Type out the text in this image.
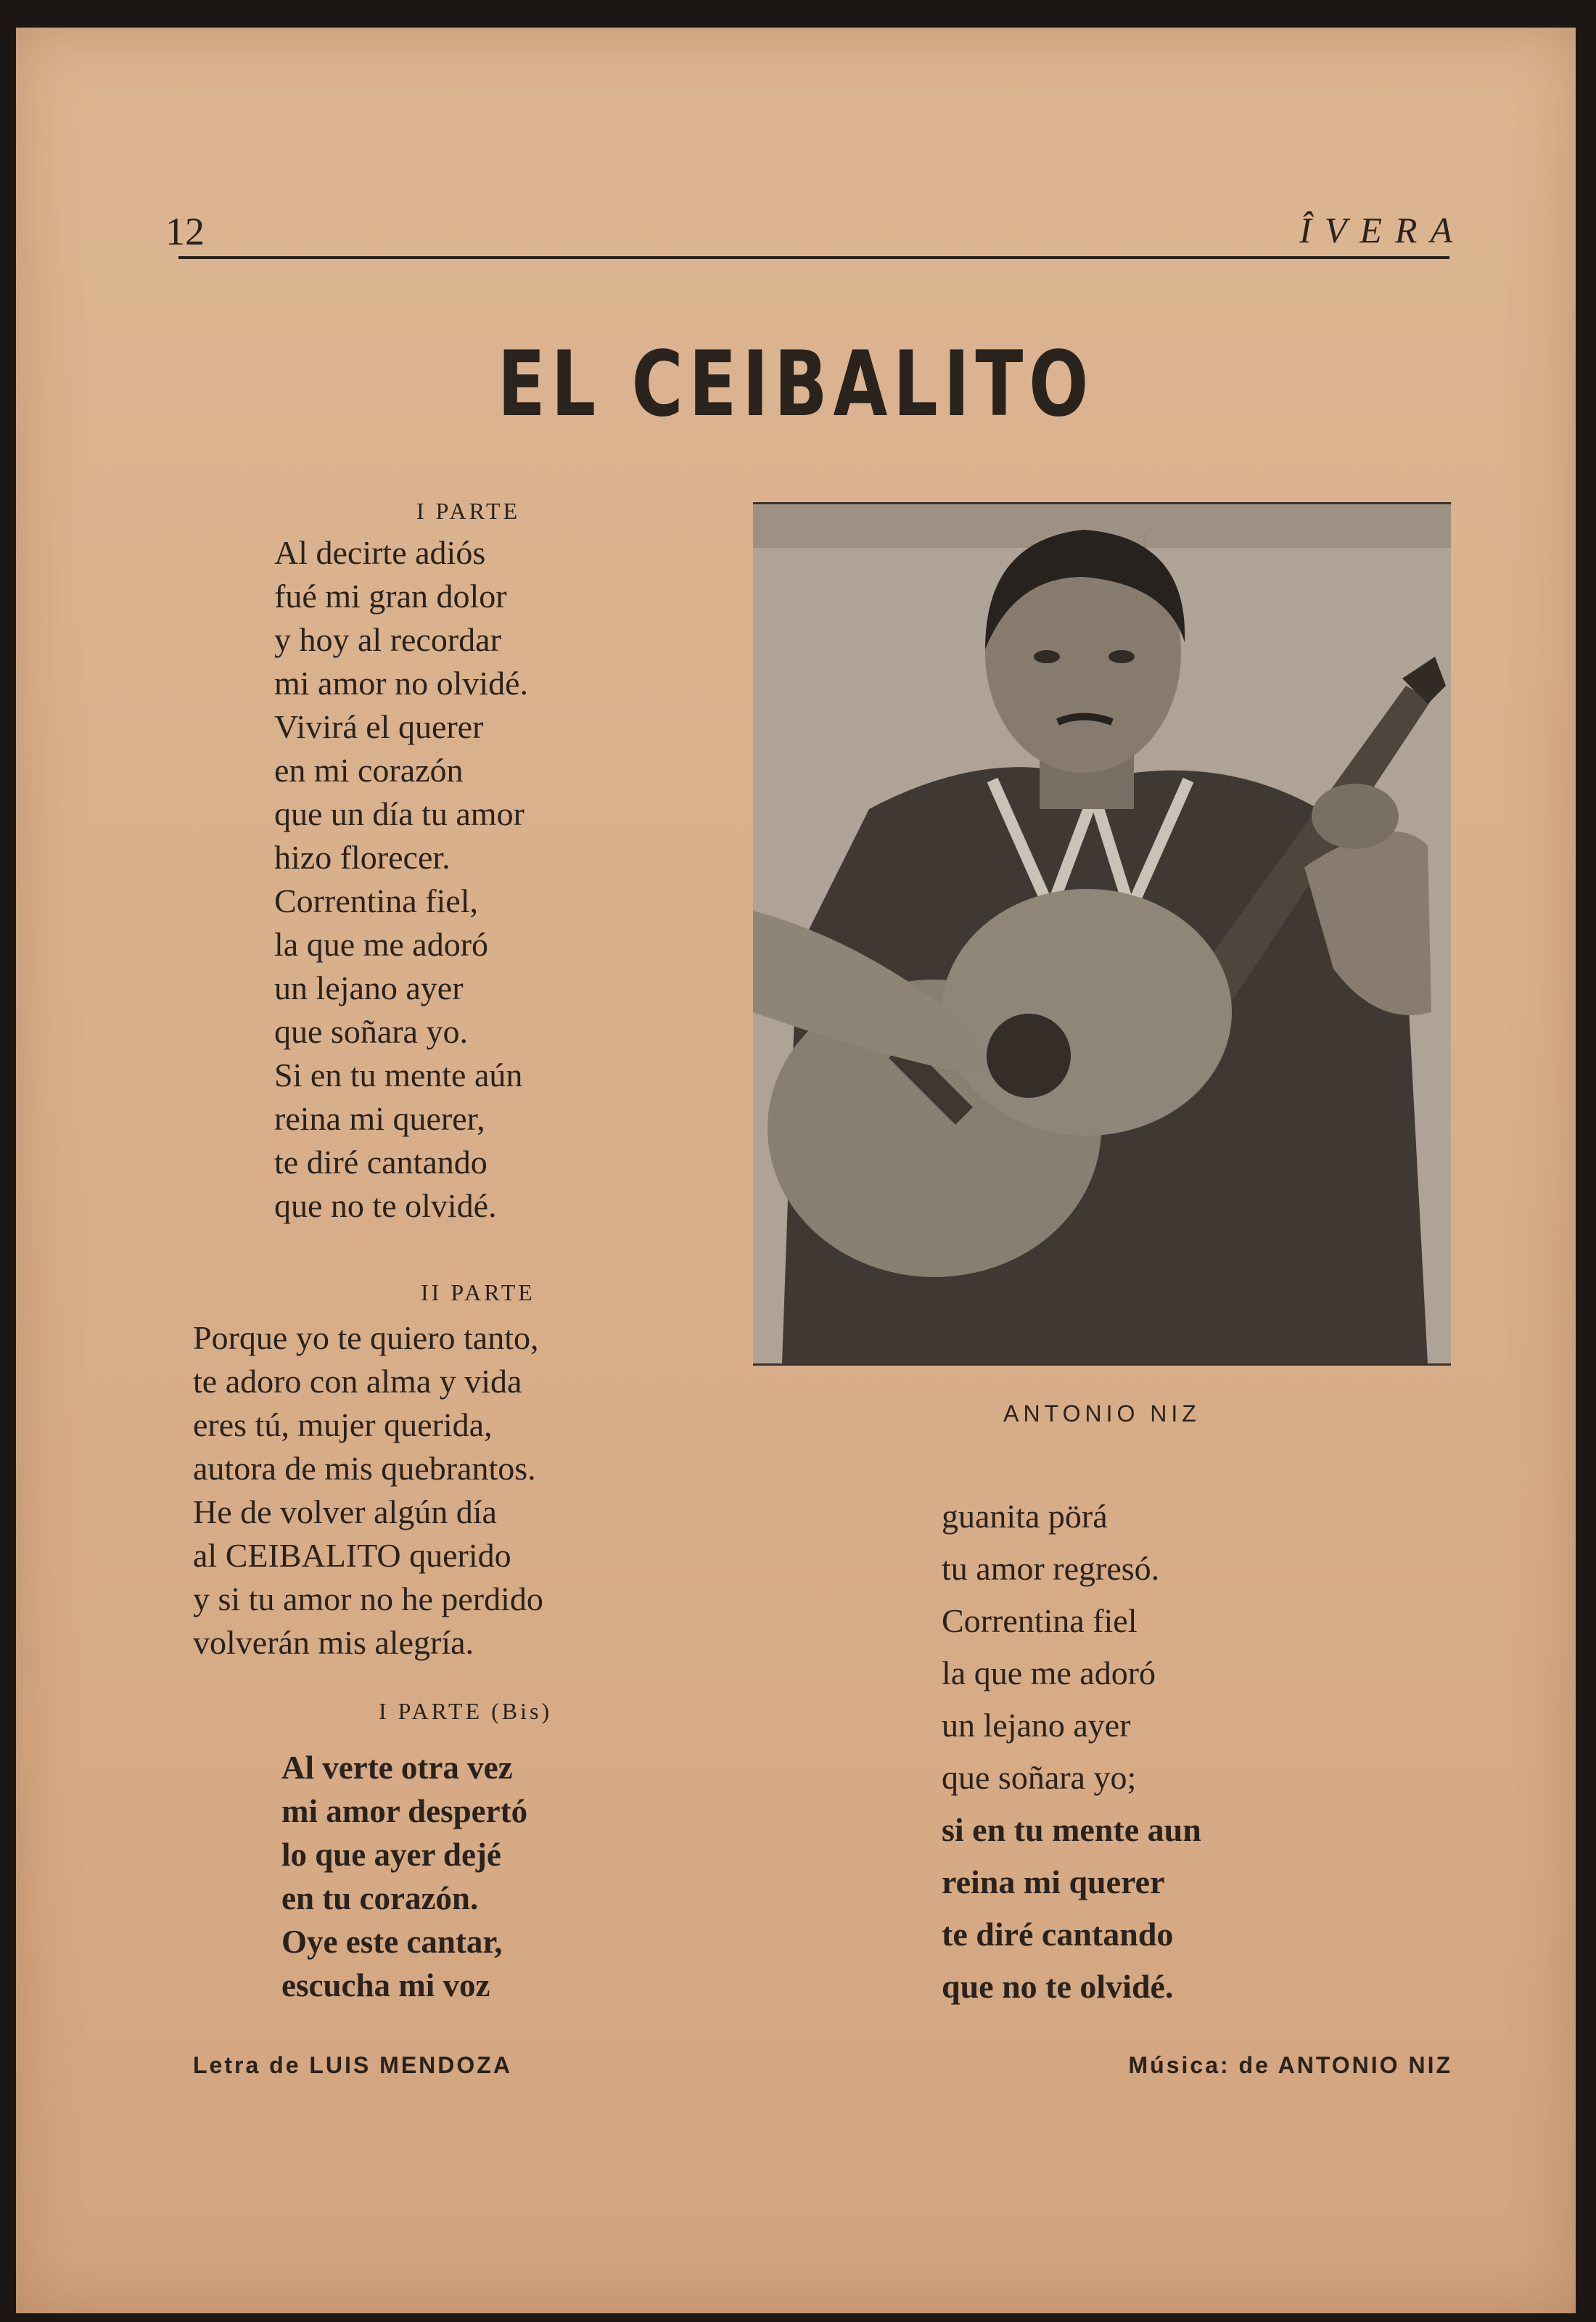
12	ÎVERA
EL CEIBALITO
I PARTE
Al decirte adiós
fué mi gran dolor
y hoy al recordar
mi amor no olvidé.
Vivirá el querer
en mi corazón
que un día tu amor
hizo florecer.
Correntina fiel,
la que me adoró
un lejano ayer
que soñara yo.
Si en tu mente aún
reina mi querer,
te diré cantando
que no te olvidé.
II PARTE
Porque yo te quiero tanto,
te adoro con alma y vida
eres tú, mujer querida,
autora de mis quebrantos.
He de volver algún día
al CEIBALITO querido
y si tu amor no he perdido
volverán mis alegría.
I PARTE (Bis)
Al verte otra vez
mi amor despertó
lo que ayer dejé
en tu corazón.
Oye este cantar,
escucha mi voz
ANTONIO NIZ
guanita pörá
tu amor regresó.
Correntina fiel
la que me adoró
un lejano ayer
que soñara yo;
si en tu mente aun
reina mi querer
te diré cantando
que no te olvidé.
Letra de LUIS MENDOZA	Música: de ANTONIO NIZ
